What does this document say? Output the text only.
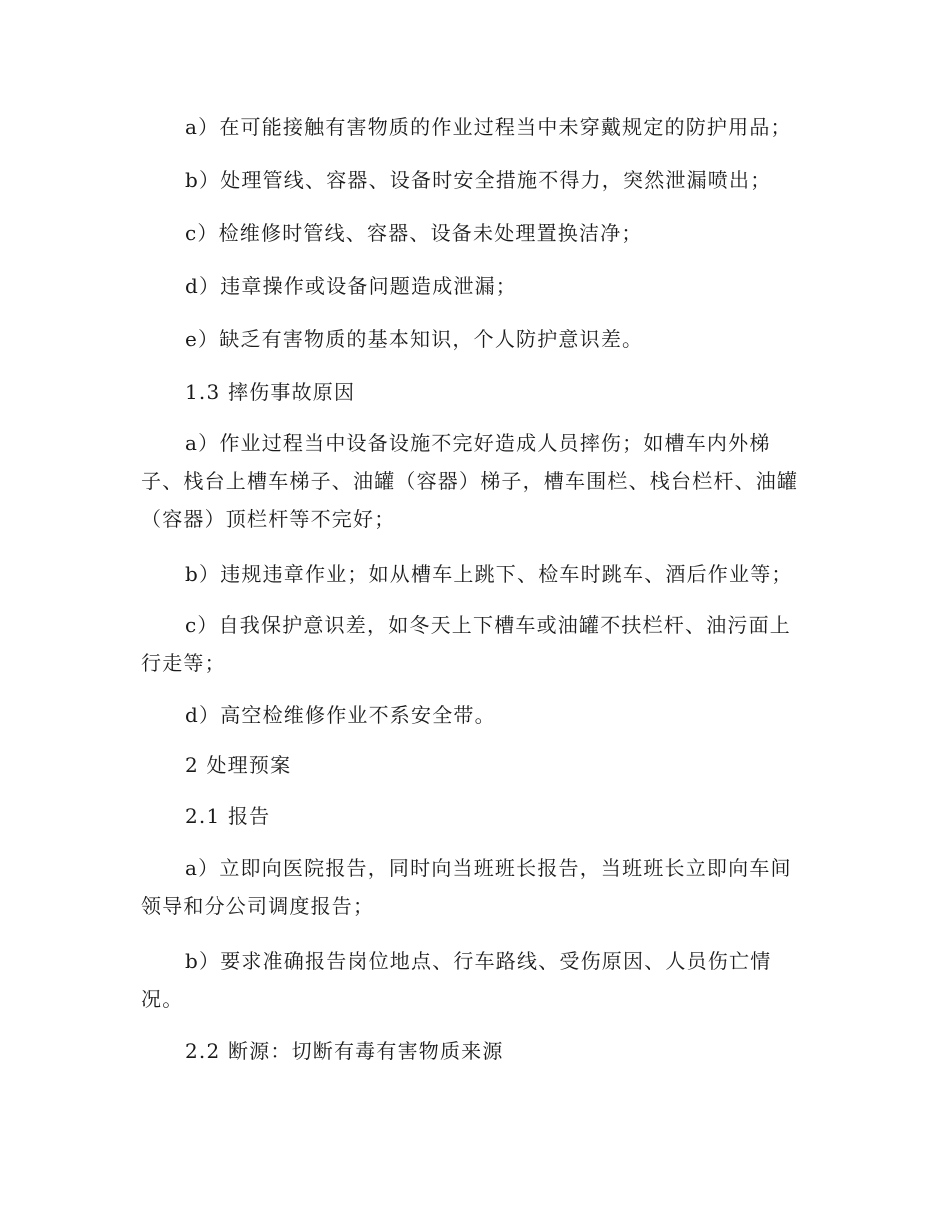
a）在可能接触有害物质的作业过程当中未穿戴规定的防护用品；

b）处理管线、容器、设备时安全措施不得力，突然泄漏喷出；

c）检维修时管线、容器、设备未处理置换洁净；

d）违章操作或设备问题造成泄漏；

e）缺乏有害物质的基本知识，个人防护意识差。

1.3 摔伤事故原因

a）作业过程当中设备设施不完好造成人员摔伤；如槽车内外梯子、栈台上槽车梯子、油罐（容器）梯子，槽车围栏、栈台栏杆、油罐（容器）顶栏杆等不完好；

b）违规违章作业；如从槽车上跳下、检车时跳车、酒后作业等；

c）自我保护意识差，如冬天上下槽车或油罐不扶栏杆、油污面上行走等；

d）高空检维修作业不系安全带。

2 处理预案

2.1 报告

a）立即向医院报告，同时向当班班长报告，当班班长立即向车间领导和分公司调度报告；

b）要求准确报告岗位地点、行车路线、受伤原因、人员伤亡情况。

2.2 断源：切断有毒有害物质来源
